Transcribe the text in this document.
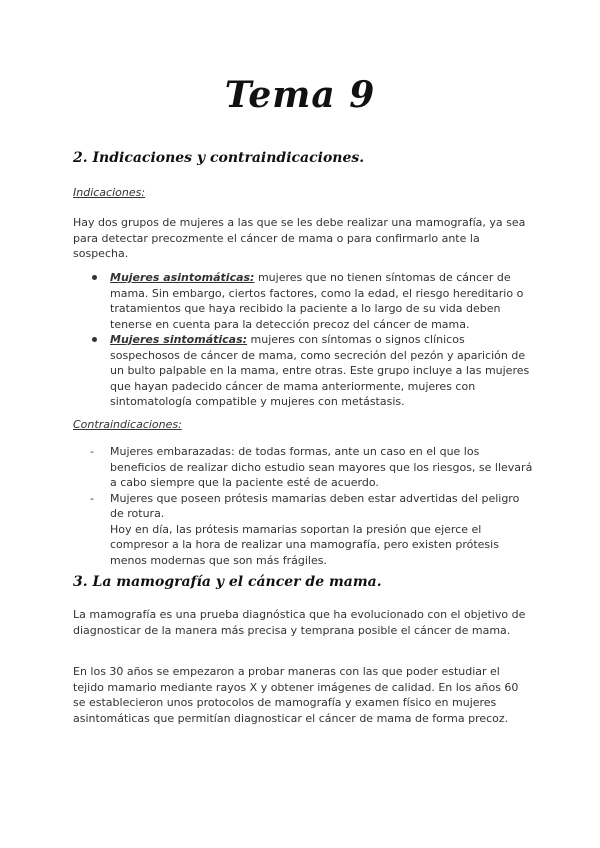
Tema 9
2. Indicaciones y contraindicaciones.

Indicaciones:

Hay dos grupos de mujeres a las que se les debe realizar una mamografía, ya sea para detectar precozmente el cáncer de mama o para confirmarlo ante la sospecha.

Mujeres asintomáticas: mujeres que no tienen síntomas de cáncer de mama. Sin embargo, ciertos factores, como la edad, el riesgo hereditario o tratamientos que haya recibido la paciente a lo largo de su vida deben tenerse en cuenta para la detección precoz del cáncer de mama.
Mujeres sintomáticas: mujeres con síntomas o signos clínicos sospechosos de cáncer de mama, como secreción del pezón y aparición de un bulto palpable en la mama, entre otras. Este grupo incluye a las mujeres que hayan padecido cáncer de mama anteriormente, mujeres con sintomatología compatible y mujeres con metástasis.

Contraindicaciones:

-	Mujeres embarazadas: de todas formas, ante un caso en el que los beneficios de realizar dicho estudio sean mayores que los riesgos, se llevará a cabo siempre que la paciente esté de acuerdo.
-	Mujeres que poseen prótesis mamarias deben estar advertidas del peligro de rotura.
Hoy en día, las prótesis mamarias soportan la presión que ejerce el compresor a la hora de realizar una mamografía, pero existen prótesis menos modernas que son más frágiles.
3. La mamografía y el cáncer de mama.

La mamografía es una prueba diagnóstica que ha evolucionado con el objetivo de diagnosticar de la manera más precisa y temprana posible el cáncer de mama.

En los 30 años se empezaron a probar maneras con las que poder estudiar el tejido mamario mediante rayos X y obtener imágenes de calidad. En los años 60 se establecieron unos protocolos de mamografía y examen físico en mujeres asintomáticas que permitían diagnosticar el cáncer de mama de forma precoz.
